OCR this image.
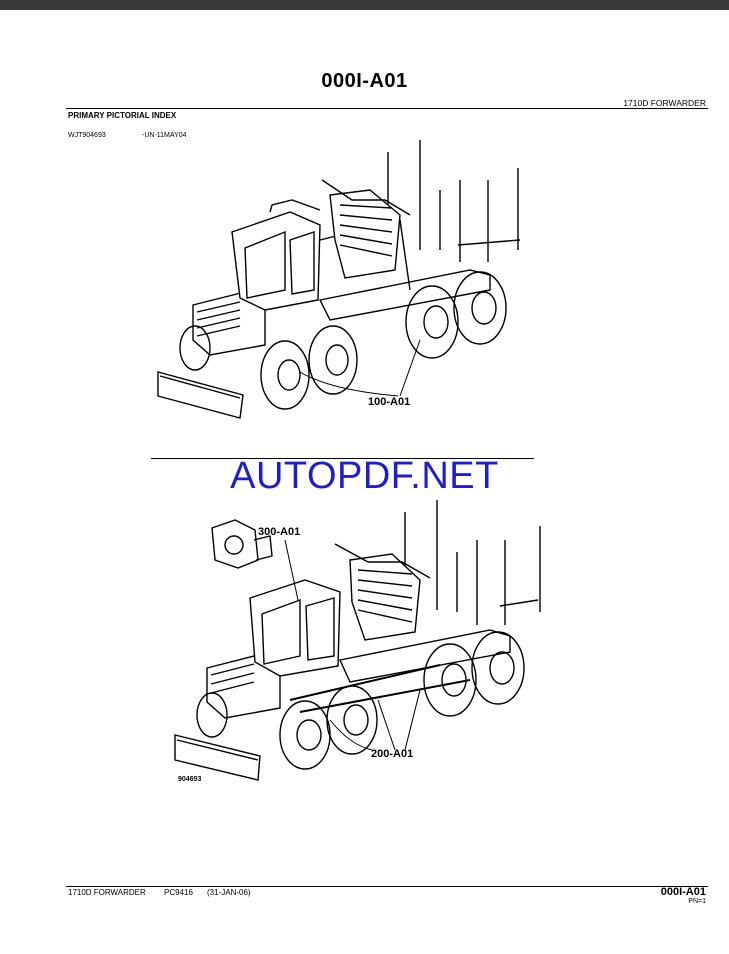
000I-A01
1710D FORWARDER
PRIMARY PICTORIAL INDEX
WJT904693	-UN-11MAY04
100-A01
AUTOPDF.NET
300-A01
200-A01
904693
1710D FORWARDER PC9416 (31-JAN-06)	000I-A01
PN=1
